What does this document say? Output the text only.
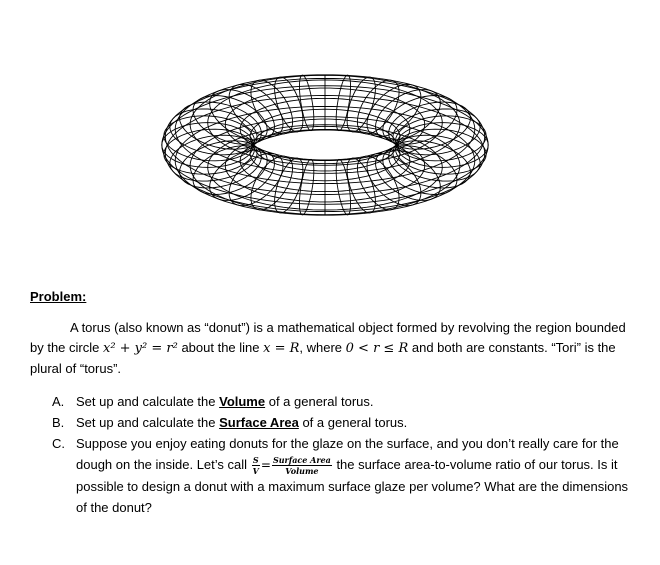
Problem:

A torus (also known as “donut”) is a mathematical object formed by revolving the region bounded by the circle x² + y² = r² about the line x = R, where 0 < r ≤ R and both are constants. “Tori” is the plural of “torus”.

A. Set up and calculate the Volume of a general torus.
B. Set up and calculate the Surface Area of a general torus.
C. Suppose you enjoy eating donuts for the glaze on the surface, and you don’t really care for the dough on the inside. Let’s call $\frac{S}{V} = \frac{\text{Surface Area}}{\text{Volume}}$ the surface area-to-volume ratio of our torus. Is it possible to design a donut with a maximum surface glaze per volume? What are the dimensions of the donut?
